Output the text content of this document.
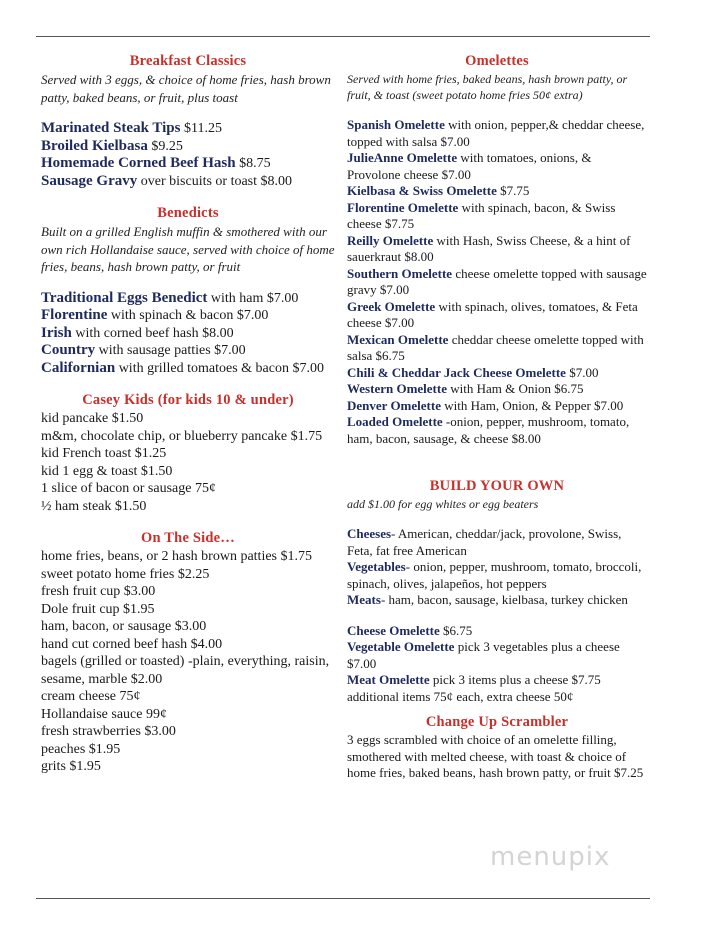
Breakfast Classics

Served with 3 eggs, & choice of home fries, hash brown patty, baked beans, or fruit, plus toast

Marinated Steak Tips $11.25

Broiled Kielbasa $9.25

Homemade Corned Beef Hash $8.75

Sausage Gravy over biscuits or toast $8.00

Benedicts

Built on a grilled English muffin & smothered with our own rich Hollandaise sauce, served with choice of home fries, beans, hash brown patty, or fruit

Traditional Eggs Benedict with ham $7.00

Florentine with spinach & bacon $7.00

Irish with corned beef hash $8.00

Country with sausage patties $7.00

Californian with grilled tomatoes & bacon $7.00

Casey Kids (for kids 10 & under)

kid pancake $1.50

m&m, chocolate chip, or blueberry pancake $1.75

kid French toast $1.25

kid 1 egg & toast $1.50

1 slice of bacon or sausage 75¢

½ ham steak $1.50

On The Side…

home fries, beans, or 2 hash brown patties $1.75

sweet potato home fries $2.25

fresh fruit cup $3.00

Dole fruit cup $1.95

ham, bacon, or sausage $3.00

hand cut corned beef hash $4.00

bagels (grilled or toasted) -plain, everything, raisin, sesame, marble $2.00

cream cheese 75¢

Hollandaise sauce 99¢

fresh strawberries $3.00

peaches $1.95

grits $1.95

Omelettes

Served with home fries, baked beans, hash brown patty, or fruit, & toast (sweet potato home fries 50¢ extra)

Spanish Omelette with onion, pepper,& cheddar cheese, topped with salsa $7.00

JulieAnne Omelette with tomatoes, onions, & Provolone cheese $7.00

Kielbasa & Swiss Omelette $7.75

Florentine Omelette with spinach, bacon, & Swiss cheese $7.75

Reilly Omelette with Hash, Swiss Cheese, & a hint of sauerkraut $8.00

Southern Omelette cheese omelette topped with sausage gravy $7.00

Greek Omelette with spinach, olives, tomatoes, & Feta cheese $7.00

Mexican Omelette cheddar cheese omelette topped with salsa $6.75

Chili & Cheddar Jack Cheese Omelette $7.00

Western Omelette with Ham & Onion $6.75

Denver Omelette with Ham, Onion, & Pepper $7.00

Loaded Omelette -onion, pepper, mushroom, tomato, ham, bacon, sausage, & cheese $8.00

BUILD YOUR OWN

add $1.00 for egg whites or egg beaters

Cheeses- American, cheddar/jack, provolone, Swiss, Feta, fat free American

Vegetables- onion, pepper, mushroom, tomato, broccoli, spinach, olives, jalapeños, hot peppers

Meats- ham, bacon, sausage, kielbasa, turkey chicken

Cheese Omelette $6.75

Vegetable Omelette pick 3 vegetables plus a cheese $7.00

Meat Omelette pick 3 items plus a cheese $7.75

additional items 75¢ each, extra cheese 50¢

Change Up Scrambler

3 eggs scrambled with choice of an omelette filling, smothered with melted cheese, with toast & choice of home fries, baked beans, hash brown patty, or fruit $7.25

menupix
